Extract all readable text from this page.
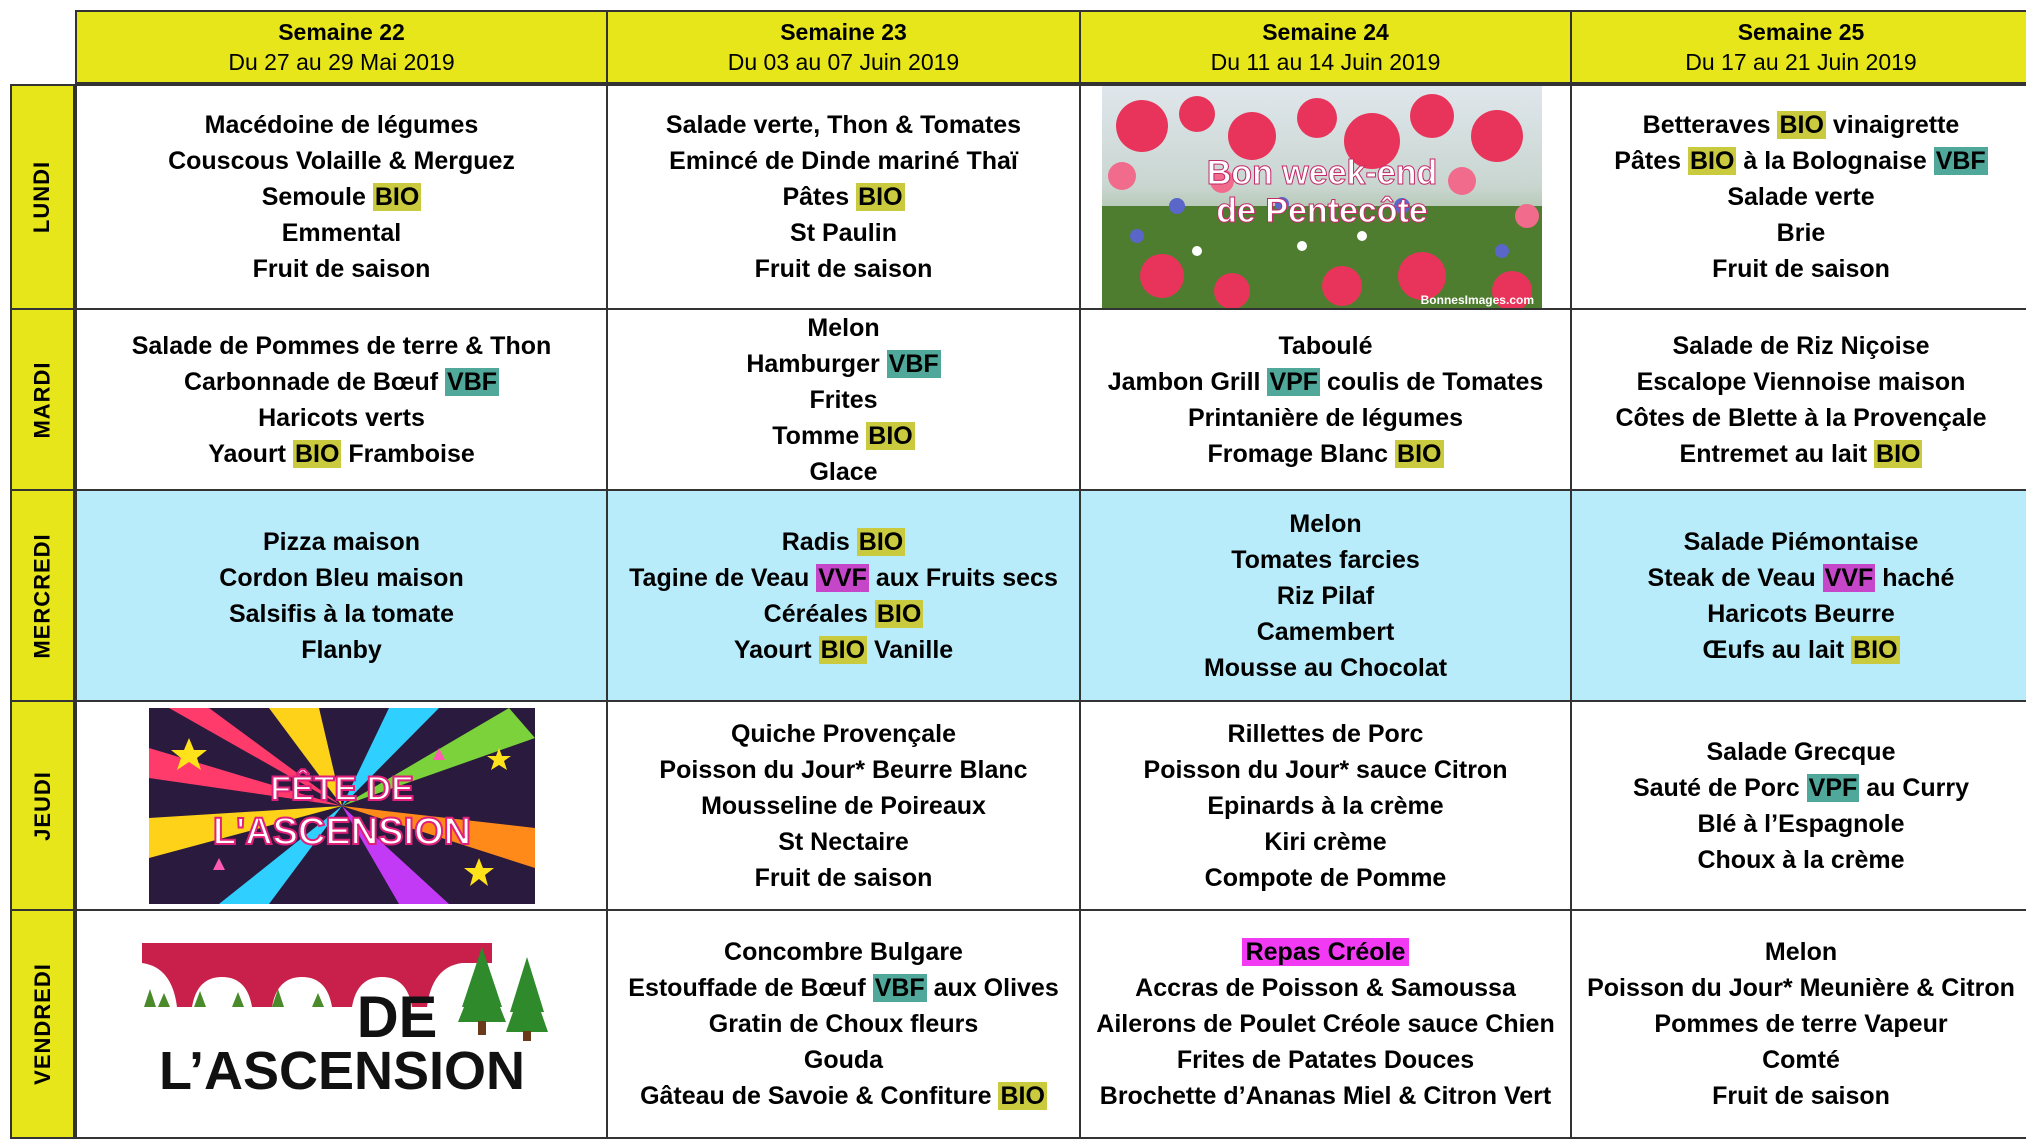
Semaine 22
Du 27 au 29 Mai 2019
Semaine 23
Du 03 au 07 Juin 2019
Semaine 24
Du 11 au 14 Juin 2019
Semaine 25
Du 17 au 21 Juin 2019
LUNDI
MARDI
MERCREDI
JEUDI
VENDREDI
Macédoine de légumes
Couscous Volaille & Merguez
Semoule BIO
Emmental
Fruit de saison
Salade verte, Thon & Tomates
Emincé de Dinde mariné Thaï
Pâtes BIO
St Paulin
Fruit de saison
Bon week-end
de Pentecôte
BonnesImages.com
Betteraves BIO vinaigrette
Pâtes BIO à la Bolognaise VBF
Salade verte
Brie
Fruit de saison
Salade de Pommes de terre & Thon
Carbonnade de Bœuf VBF
Haricots verts
Yaourt BIO Framboise
Melon
Hamburger VBF
Frites
Tomme BIO
Glace
Taboulé
Jambon Grill VPF coulis de Tomates
Printanière de légumes
Fromage Blanc BIO
Salade de Riz Niçoise
Escalope Viennoise maison
Côtes de Blette à la Provençale
Entremet au lait BIO
Pizza maison
Cordon Bleu maison
Salsifis à la tomate
Flanby
Radis BIO
Tagine de Veau VVF aux Fruits secs
Céréales BIO
Yaourt BIO Vanille
Melon
Tomates farcies
Riz Pilaf
Camembert
Mousse au Chocolat
Salade Piémontaise
Steak de Veau VVF haché
Haricots Beurre
Œufs au lait BIO
FÊTE DE
L'ASCENSION
Quiche Provençale
Poisson du Jour* Beurre Blanc
Mousseline de Poireaux
St Nectaire
Fruit de saison
Rillettes de Porc
Poisson du Jour* sauce Citron
Epinards à la crème
Kiri crème
Compote de Pomme
Salade Grecque
Sauté de Porc VPF au Curry
Blé à l’Espagnole
Choux à la crème
DE
L’ASCENSION
Concombre Bulgare
Estouffade de Bœuf VBF aux Olives
Gratin de Choux fleurs
Gouda
Gâteau de Savoie & Confiture BIO
Repas Créole
Accras de Poisson & Samoussa
Ailerons de Poulet Créole sauce Chien
Frites de Patates Douces
Brochette d’Ananas Miel & Citron Vert
Melon
Poisson du Jour* Meunière & Citron
Pommes de terre Vapeur
Comté
Fruit de saison
